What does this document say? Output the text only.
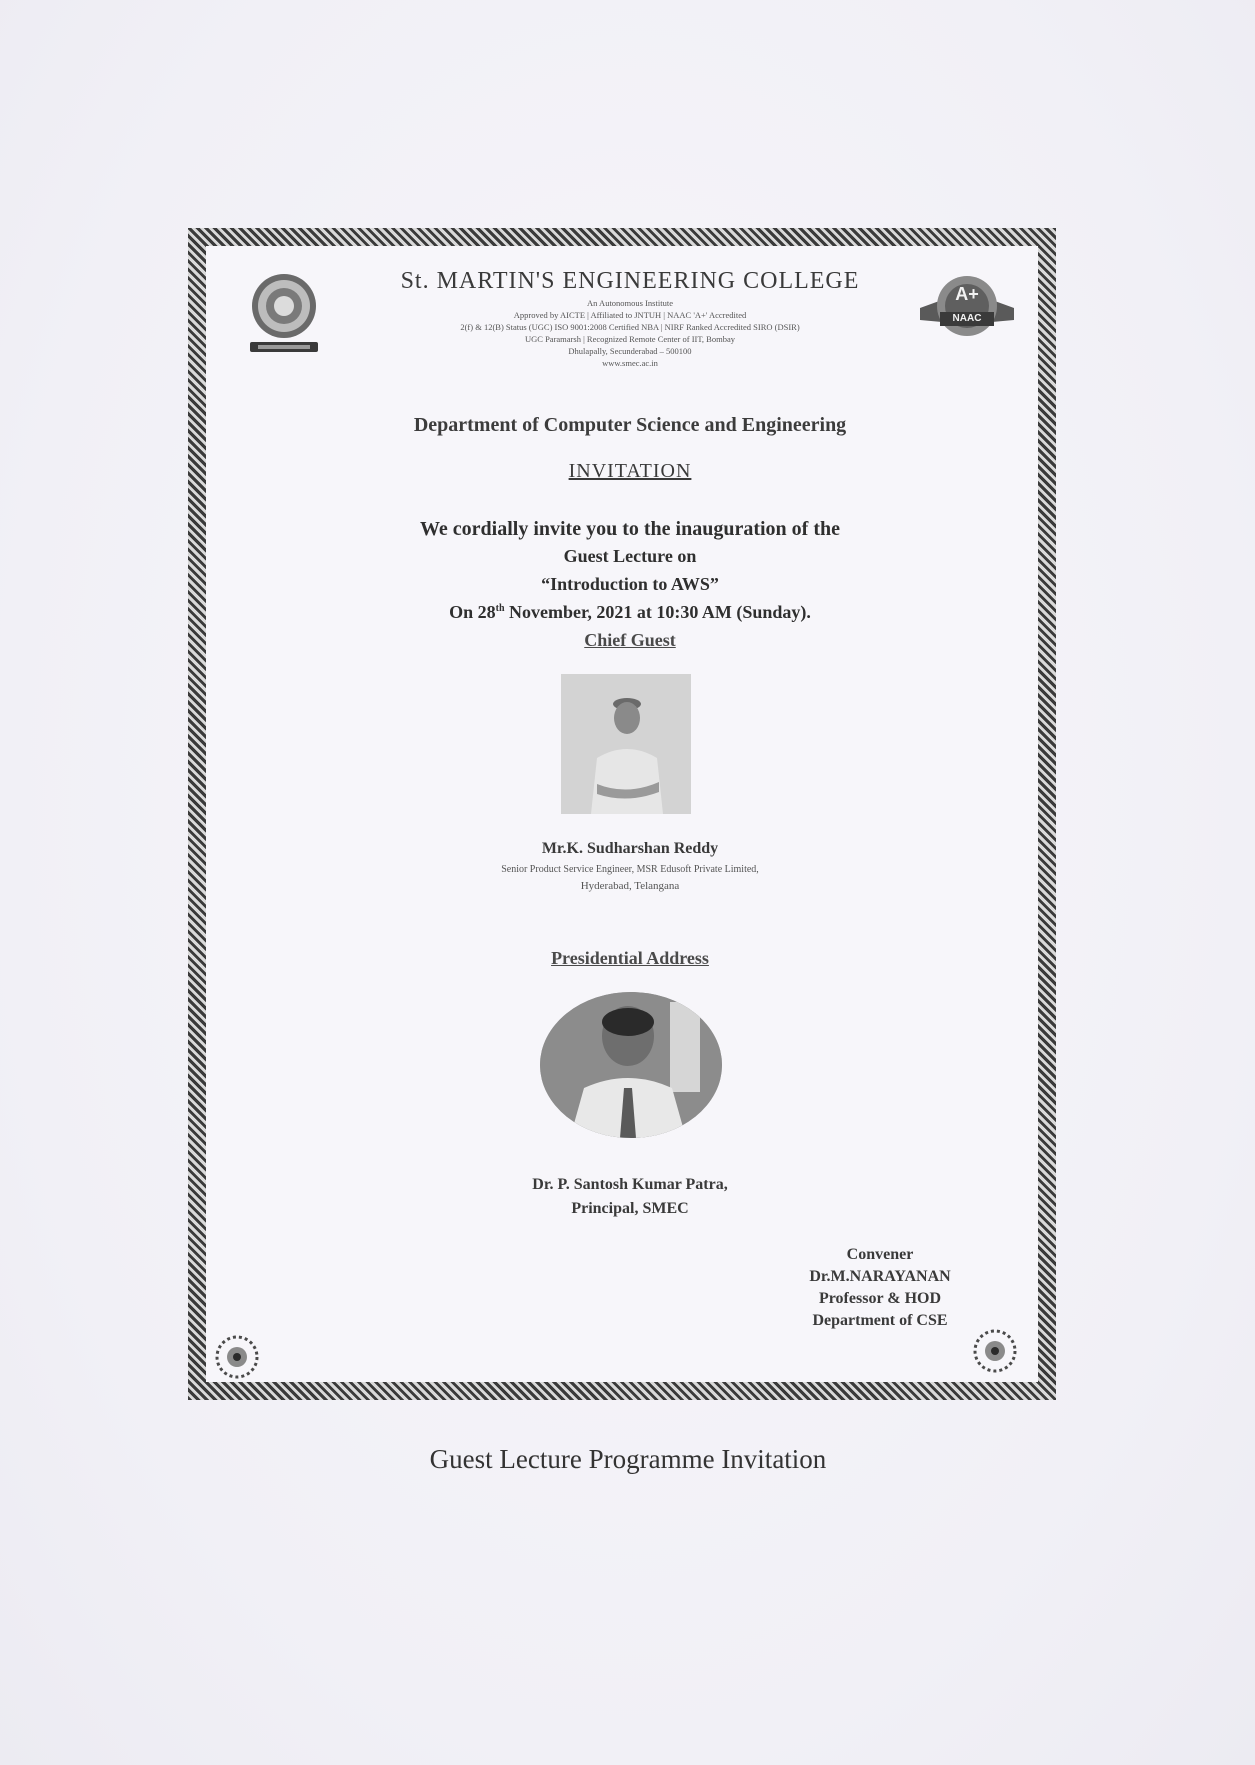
A+
NAAC
St. MARTIN'S ENGINEERING COLLEGE
An Autonomous Institute
Approved by AICTE | Affiliated to JNTUH | NAAC 'A+' Accredited
2(f) & 12(B) Status (UGC) ISO 9001:2008 Certified NBA | NIRF Ranked Accredited SIRO (DSIR)
UGC Paramarsh | Recognized Remote Center of IIT, Bombay
Dhulapally, Secunderabad – 500100
www.smec.ac.in
Department of Computer Science and Engineering
INVITATION
We cordially invite you to the inauguration of the
Guest Lecture on
“Introduction to AWS”
On 28th November, 2021 at 10:30 AM (Sunday).
Chief Guest
Mr.K. Sudharshan Reddy
Senior Product Service Engineer, MSR Edusoft Private Limited,
Hyderabad, Telangana
Presidential Address
Dr. P. Santosh Kumar Patra,
Principal, SMEC
Convener
Dr.M.NARAYANAN
Professor & HOD
Department of CSE
Guest Lecture Programme Invitation
